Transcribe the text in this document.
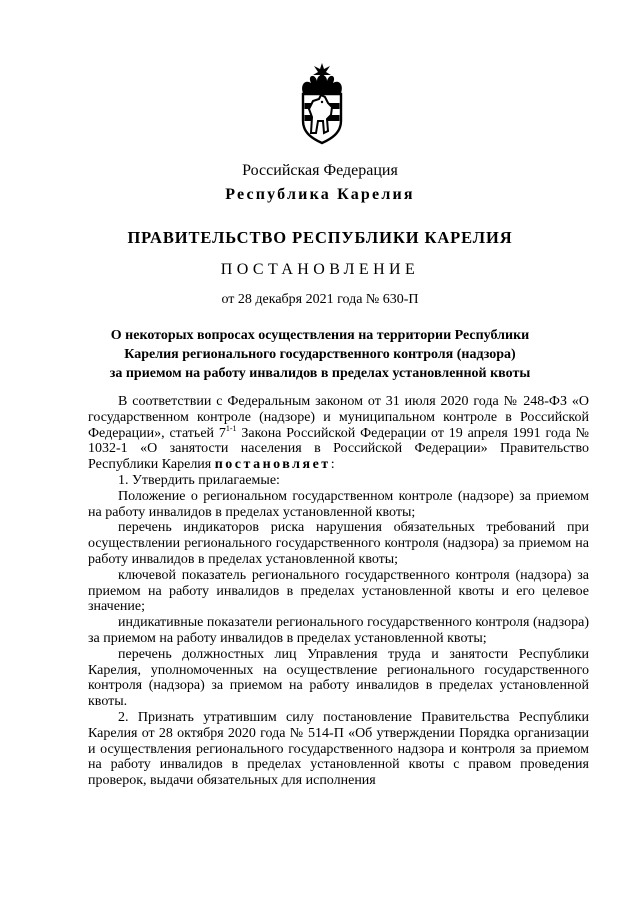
Российская Федерация
Республика Карелия
ПРАВИТЕЛЬСТВО РЕСПУБЛИКИ КАРЕЛИЯ
ПОСТАНОВЛЕНИЕ
от 28 декабря 2021 года № 630-П
О некоторых вопросах осуществления на территории Республики
Карелия регионального государственного контроля (надзора)
за приемом на работу инвалидов в пределах установленной квоты

В соответствии с Федеральным законом от 31 июля 2020 года № 248-ФЗ «О государственном контроле (надзоре) и муниципальном контроле в Российской Федерации», статьей 7$^{1-1}$ Закона Российской Федерации от 19 апреля 1991 года № 1032-1 «О занятости населения в Российской Федерации» Правительство Республики Карелия постановляет:

1. Утвердить прилагаемые:

Положение о региональном государственном контроле (надзоре) за приемом на работу инвалидов в пределах установленной квоты;

перечень индикаторов риска нарушения обязательных требований при осуществлении регионального государственного контроля (надзора) за приемом на работу инвалидов в пределах установленной квоты;

ключевой показатель регионального государственного контроля (надзора) за приемом на работу инвалидов в пределах установленной квоты и его целевое значение;

индикативные показатели регионального государственного контроля (надзора) за приемом на работу инвалидов в пределах установленной квоты;

перечень должностных лиц Управления труда и занятости Республики Карелия, уполномоченных на осуществление регионального государственного контроля (надзора) за приемом на работу инвалидов в пределах установленной квоты.

2. Признать утратившим силу постановление Правительства Республики Карелия от 28 октября 2020 года № 514-П «Об утверждении Порядка организации и осуществления регионального государственного надзора и контроля за приемом на работу инвалидов в пределах установленной квоты с правом проведения проверок, выдачи обязательных для исполнения
